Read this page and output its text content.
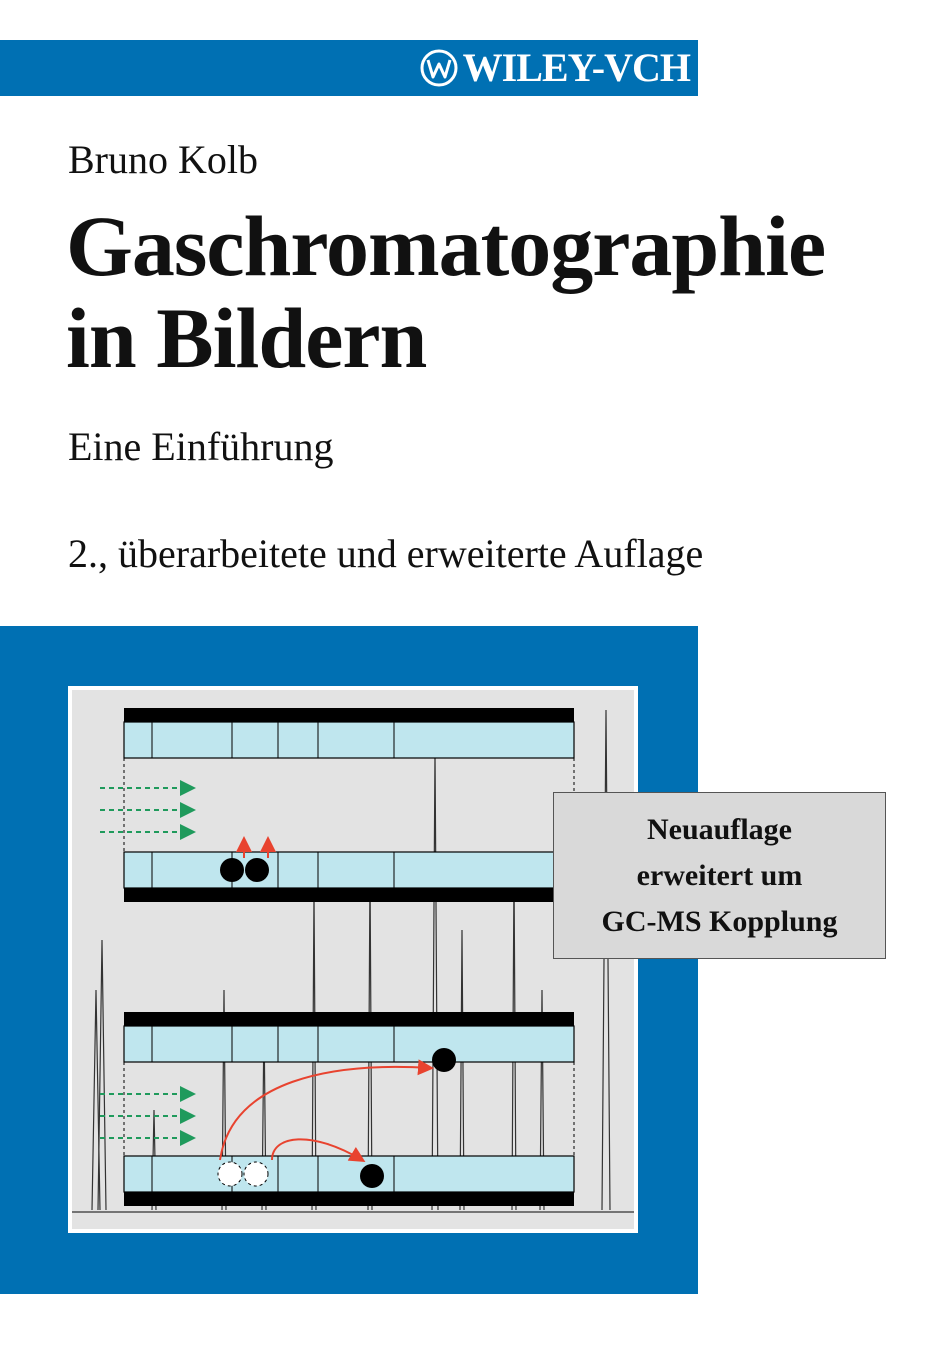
WILEY-VCH
Bruno Kolb
Gaschromatographie
in Bildern
Eine Einführung
2., überarbeitete und erweiterte Auflage
Neuauflage
erweitert um
GC-MS Kopplung
